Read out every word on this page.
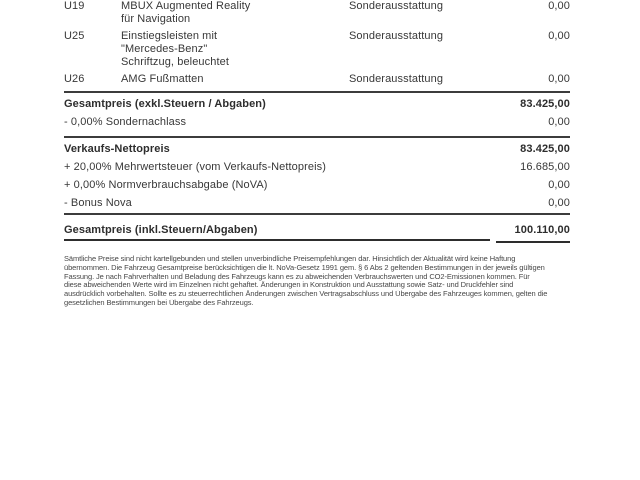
U19	MBUX Augmented Reality
für Navigation
Sonderausstattung	0,00
U25	Einstiegsleisten mit
"Mercedes-Benz"
Schriftzug, beleuchtet
Sonderausstattung	0,00
U26	AMG Fußmatten	Sonderausstattung	0,00
Gesamtpreis (exkl.Steuern / Abgaben)	83.425,00
- 0,00% Sondernachlass	0,00
Verkaufs-Nettopreis	83.425,00
+ 20,00% Mehrwertsteuer (vom Verkaufs-Nettopreis)	16.685,00
+ 0,00% Normverbrauchsabgabe (NoVA)	0,00
- Bonus Nova	0,00
Gesamtpreis (inkl.Steuern/Abgaben)	100.110,00
Sämtliche Preise sind nicht kartellgebunden und stellen unverbindliche Preisempfehlungen dar. Hinsichtlich der Aktualität wird keine Haftung
übernommen. Die Fahrzeug Gesamtpreise berücksichtigen die lt. NoVa-Gesetz 1991 gem. § 6 Abs 2 geltenden Bestimmungen in der jeweils gültigen
Fassung. Je nach Fahrverhalten und Beladung des Fahrzeugs kann es zu abweichenden Verbrauchswerten und CO2-Emissionen kommen. Für
diese abweichenden Werte wird im Einzelnen nicht gehaftet. Änderungen in Konstruktion und Ausstattung sowie Satz- und Druckfehler sind
ausdrücklich vorbehalten. Sollte es zu steuerrechtlichen Änderungen zwischen Vertragsabschluss und Übergabe des Fahrzeuges kommen, gelten die
gesetzlichen Bestimmungen bei Übergabe des Fahrzeugs.
